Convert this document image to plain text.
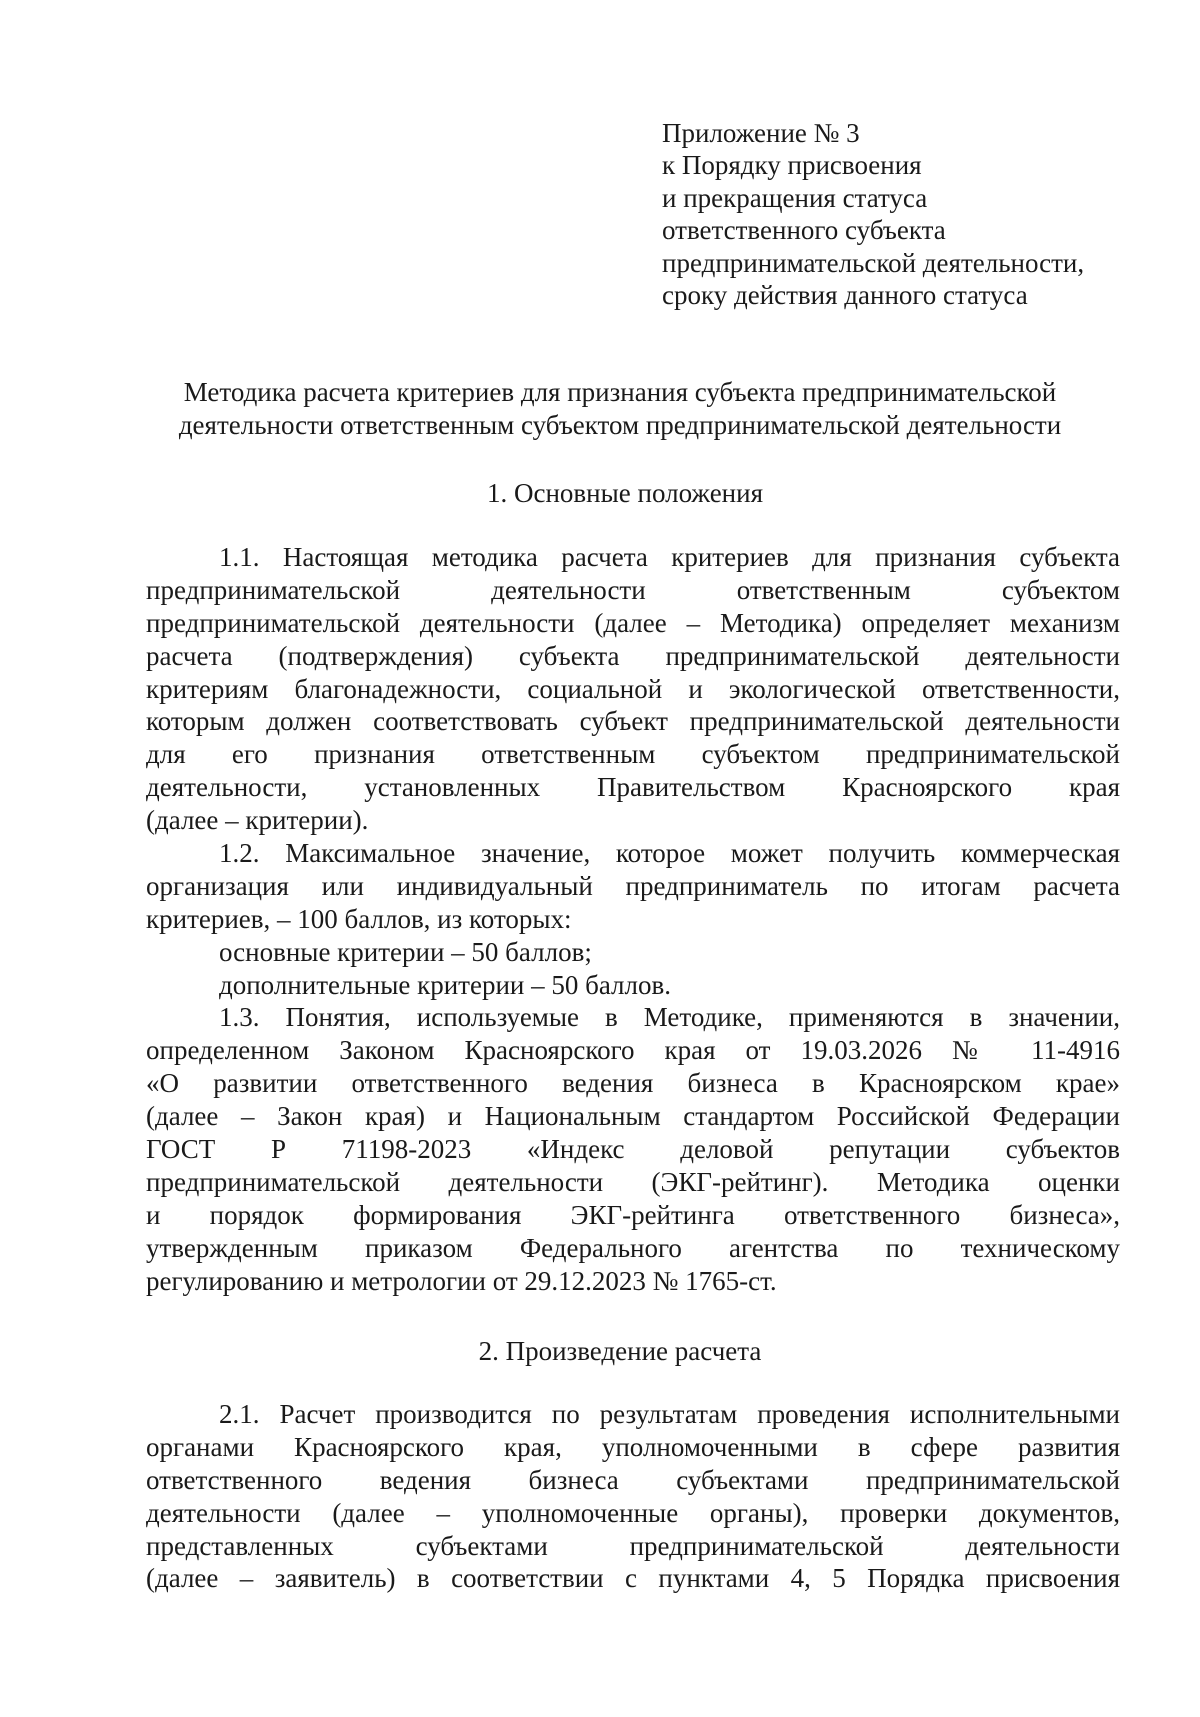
Приложение № 3
к Порядку присвоения
и прекращения статуса
ответственного субъекта
предпринимательской деятельности,
сроку действия данного статуса
Методика расчета критериев для признания субъекта предпринимательской
деятельности ответственным субъектом предпринимательской деятельности
1. Основные положения
1.1. Настоящая методика расчета критериев для признания субъекта
предпринимательской деятельности ответственным субъектом
предпринимательской деятельности (далее – Методика) определяет механизм
расчета (подтверждения) субъекта предпринимательской деятельности
критериям благонадежности, социальной и экологической ответственности,
которым должен соответствовать субъект предпринимательской деятельности
для его признания ответственным субъектом предпринимательской
деятельности, установленных Правительством Красноярского края
(далее – критерии).
1.2. Максимальное значение, которое может получить коммерческая
организация или индивидуальный предприниматель по итогам расчета
критериев, – 100 баллов, из которых:
основные критерии – 50 баллов;
дополнительные критерии – 50 баллов.
1.3. Понятия, используемые в Методике, применяются в значении,
определенном Законом Красноярского края от 19.03.2026 № 11-4916
«О развитии ответственного ведения бизнеса в Красноярском крае»
(далее – Закон края) и Национальным стандартом Российской Федерации
ГОСТ Р 71198-2023 «Индекс деловой репутации субъектов
предпринимательской деятельности (ЭКГ-рейтинг). Методика оценки
и порядок формирования ЭКГ-рейтинга ответственного бизнеса»,
утвержденным приказом Федерального агентства по техническому
регулированию и метрологии от 29.12.2023 № 1765-ст.
2. Произведение расчета
2.1. Расчет производится по результатам проведения исполнительными
органами Красноярского края, уполномоченными в сфере развития
ответственного ведения бизнеса субъектами предпринимательской
деятельности (далее – уполномоченные органы), проверки документов,
представленных субъектами предпринимательской деятельности
(далее – заявитель) в соответствии с пунктами 4, 5 Порядка присвоения
